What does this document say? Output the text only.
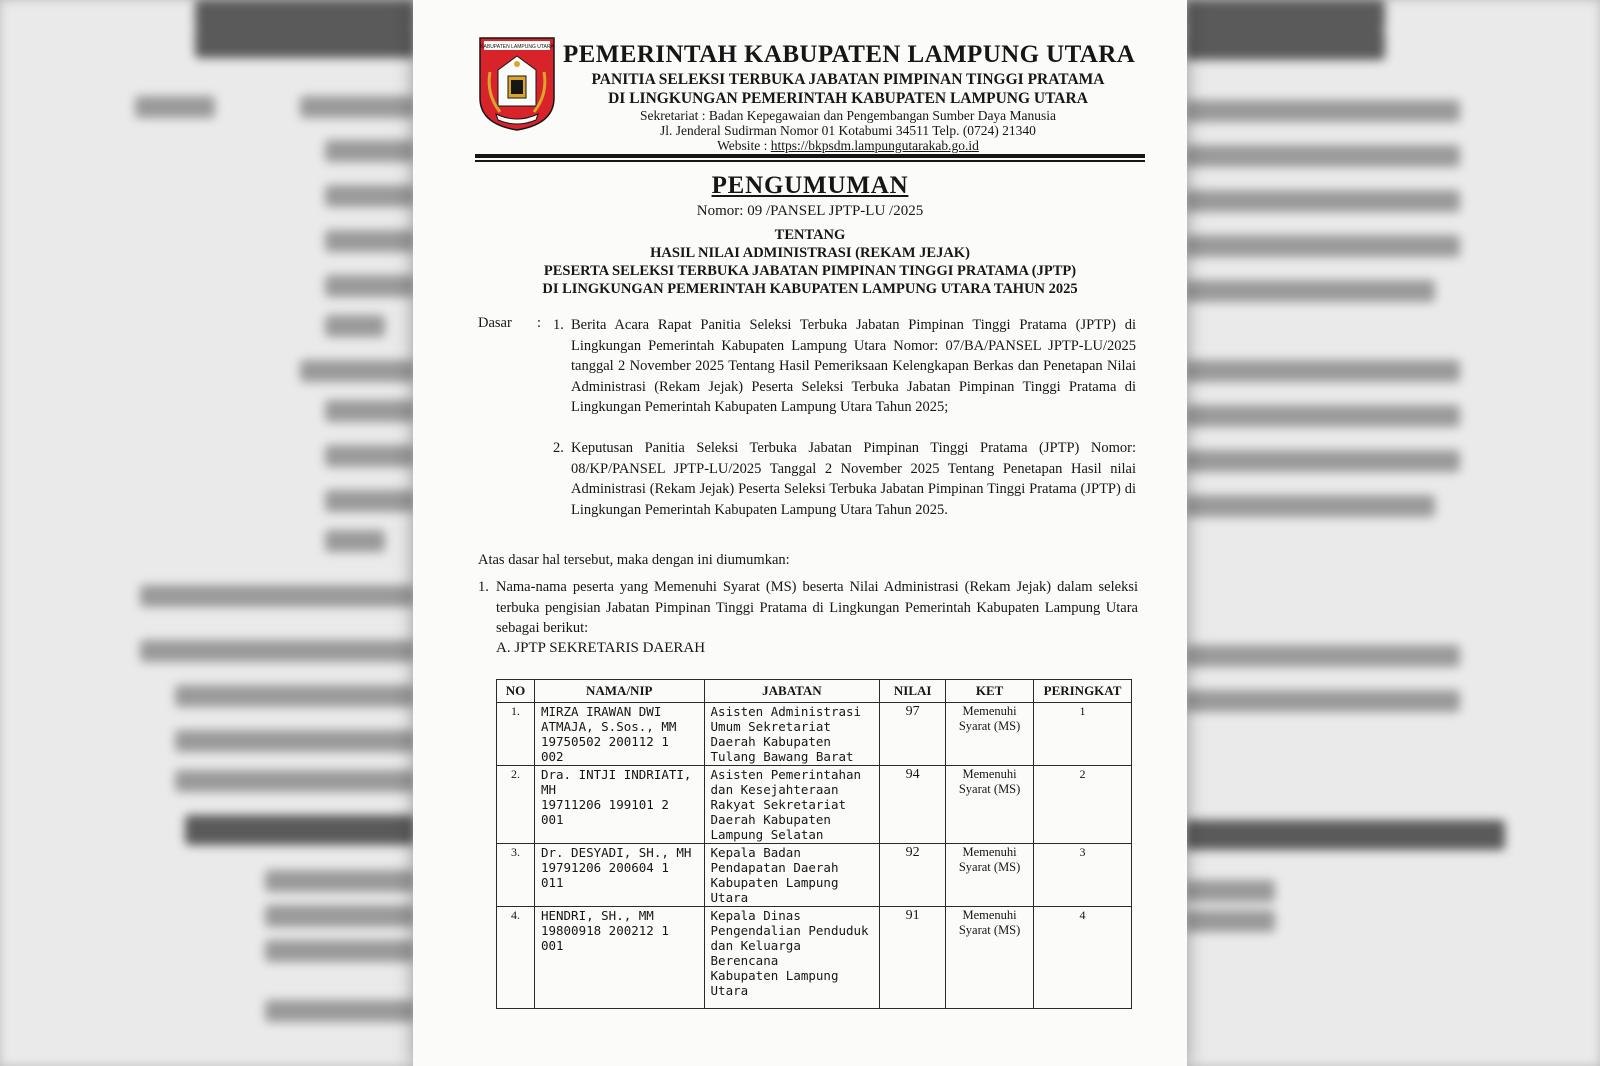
KABUPATEN LAMPUNG UTARA PEMERINTAH KABUPATEN LAMPUNG UTARA
PANITIA SELEKSI TERBUKA JABATAN PIMPINAN TINGGI PRATAMA
DI LINGKUNGAN PEMERINTAH KABUPATEN LAMPUNG UTARA
Sekretariat : Badan Kepegawaian dan Pengembangan Sumber Daya Manusia
Jl. Jenderal Sudirman Nomor 01 Kotabumi 34511 Telp. (0724) 21340
Website : https://bkpsdm.lampungutarakab.go.id
PENGUMUMAN
Nomor: 09 /PANSEL JPTP-LU /2025
TENTANG
HASIL NILAI ADMINISTRASI (REKAM JEJAK)
PESERTA SELEKSI TERBUKA JABATAN PIMPINAN TINGGI PRATAMA (JPTP)
DI LINGKUNGAN PEMERINTAH KABUPATEN LAMPUNG UTARA TAHUN 2025
Dasar : 1. Berita Acara Rapat Panitia Seleksi Terbuka Jabatan Pimpinan Tinggi Pratama (JPTP) di Lingkungan Pemerintah Kabupaten Lampung Utara Nomor: 07/BA/PANSEL JPTP-LU/2025 tanggal 2 November 2025 Tentang Hasil Pemeriksaan Kelengkapan Berkas dan Penetapan Nilai Administrasi (Rekam Jejak) Peserta Seleksi Terbuka Jabatan Pimpinan Tinggi Pratama di Lingkungan Pemerintah Kabupaten Lampung Utara Tahun 2025;
2. Keputusan Panitia Seleksi Terbuka Jabatan Pimpinan Tinggi Pratama (JPTP) Nomor: 08/KP/PANSEL JPTP-LU/2025 Tanggal 2 November 2025 Tentang Penetapan Hasil nilai Administrasi (Rekam Jejak) Peserta Seleksi Terbuka Jabatan Pimpinan Tinggi Pratama (JPTP) di Lingkungan Pemerintah Kabupaten Lampung Utara Tahun 2025.
Atas dasar hal tersebut, maka dengan ini diumumkan:
1. Nama-nama peserta yang Memenuhi Syarat (MS) beserta Nilai Administrasi (Rekam Jejak) dalam seleksi terbuka pengisian Jabatan Pimpinan Tinggi Pratama di Lingkungan Pemerintah Kabupaten Lampung Utara sebagai berikut:
A. JPTP SEKRETARIS DAERAH
NO	NAMA/NIP	JABATAN	NILAI	KET	PERINGKAT
1.	MIRZA IRAWAN DWI
ATMAJA, S.Sos., MM
19750502 200112 1 002	Asisten Administrasi
Umum Sekretariat
Daerah Kabupaten
Tulang Bawang Barat	97	Memenuhi
Syarat (MS)	1
2.	Dra. INTJI INDRIATI,
MH
19711206 199101 2 001	Asisten Pemerintahan
dan Kesejahteraan
Rakyat Sekretariat
Daerah Kabupaten
Lampung Selatan	94	Memenuhi
Syarat (MS)	2
3.	Dr. DESYADI, SH., MH
19791206 200604 1 011	Kepala Badan
Pendapatan Daerah
Kabupaten Lampung
Utara	92	Memenuhi
Syarat (MS)	3
4.	HENDRI, SH., MM
19800918 200212 1 001	Kepala Dinas
Pengendalian Penduduk
dan Keluarga Berencana
Kabupaten Lampung
Utara	91	Memenuhi
Syarat (MS)	4
